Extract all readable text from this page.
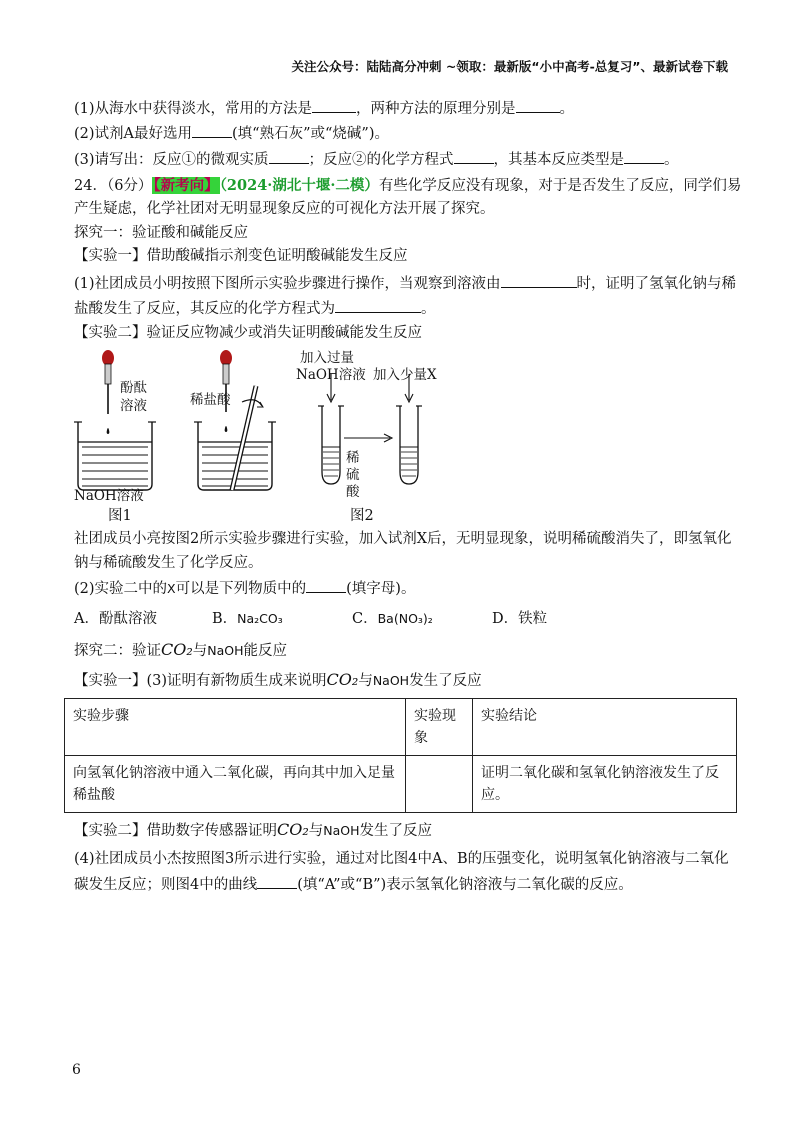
关注公众号：陆陆高分冲刺 ~领取：最新版“小中高考-总复习”、最新试卷下载
(1)从海水中获得淡水，常用的方法是	，两种方法的原理分别是	。
(2)试剂A最好选用	(填“熟石灰”或“烧碱”)。
(3)请写出：反应①的微观实质	；反应②的化学方程式	，其基本反应类型是	。
24．（6分）【新考向】（2024·湖北十堰·二模）有些化学反应没有现象，对于是否发生了反应，同学们易
产生疑虑，化学社团对无明显现象反应的可视化方法开展了探究。
探究一：验证酸和碱能反应
【实验一】借助酸碱指示剂变色证明酸碱能发生反应
(1)社团成员小明按照下图所示实验步骤进行操作，当观察到溶液由	时，证明了氢氧化钠与稀
盐酸发生了反应，其反应的化学方程式为	。
【实验二】验证反应物减少或消失证明酸碱能发生反应
酚酞
溶液	稀盐酸
NaOH溶液
图1
加入过量
NaOH溶液 加入少量X
稀
硫
酸
图2
社团成员小亮按图2所示实验步骤进行实验，加入试剂X后，无明显现象，说明稀硫酸消失了，即氢氧化
钠与稀硫酸发生了化学反应。
(2)实验二中的X可以是下列物质中的	(填字母)。
A．酚酞溶液	B．Na₂CO₃	C．Ba(NO₃)₂	D．铁粒
探究二：验证CO₂与NaOH能反应
【实验一】(3)证明有新物质生成来说明CO₂与NaOH发生了反应
实验步骤	实验现象	实验结论
向氢氧化钠溶液中通入二氧化碳，再向其中加入足量稀盐酸		证明二氧化碳和氢氧化钠溶液发生了反应。
【实验二】借助数字传感器证明CO₂与NaOH发生了反应
(4)社团成员小杰按照图3所示进行实验，通过对比图4中A、B的压强变化，说明氢氧化钠溶液与二氧化
碳发生反应；则图4中的曲线	(填“A”或“B”)表示氢氧化钠溶液与二氧化碳的反应。
6
